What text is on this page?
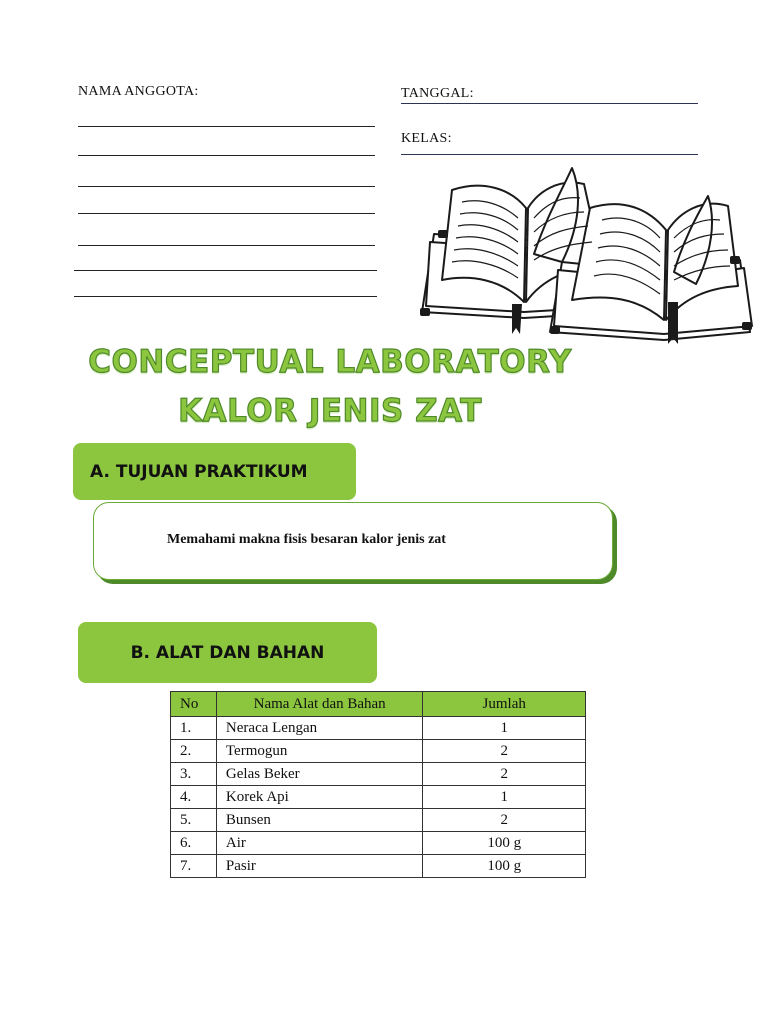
NAMA ANGGOTA:	TANGGAL:
KELAS:
CONCEPTUAL LABORATORY
KALOR JENIS ZAT
A. TUJUAN PRAKTIKUM
Memahami makna fisis besaran kalor jenis zat
B. ALAT DAN BAHAN
No	Nama Alat dan Bahan	Jumlah
1.	Neraca Lengan	1
2.	Termogun	2
3.	Gelas Beker	2
4.	Korek Api	1
5.	Bunsen	2
6.	Air	100 g
7.	Pasir	100 g
